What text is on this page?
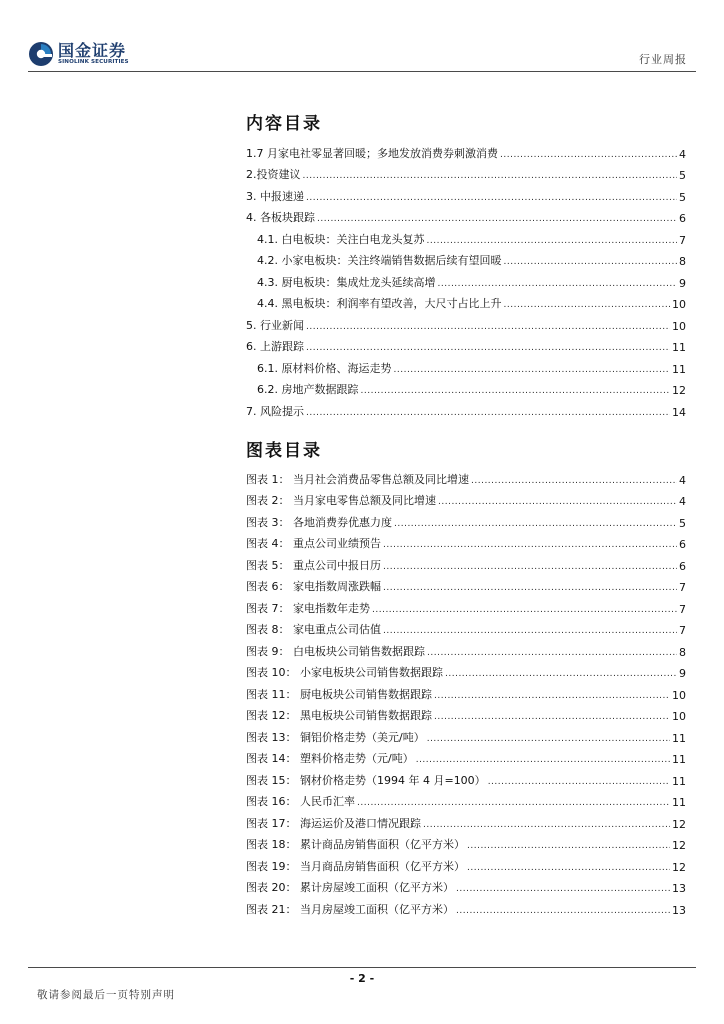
国金证券
SINOLINK SECURITIES	行业周报
内容目录
1.7 月家电社零显著回暖；多地发放消费券刺激消费 .....	4
2.投资建议 .....	5
3. 中报速递 .....	5
4. 各板块跟踪 .....	6
4.1. 白电板块：关注白电龙头复苏 .....	7
4.2. 小家电板块：关注终端销售数据后续有望回暖 .....	8
4.3. 厨电板块：集成灶龙头延续高增 .....	9
4.4. 黑电板块：利润率有望改善，大尺寸占比上升 .....	10
5. 行业新闻 .....	10
6. 上游跟踪 .....	11
6.1. 原材料价格、海运走势 .....	11
6.2. 房地产数据跟踪 .....	12
7. 风险提示 .....	14
图表目录
图表 1： 当月社会消费品零售总额及同比增速 .....	4
图表 2： 当月家电零售总额及同比增速 .....	4
图表 3： 各地消费券优惠力度 .....	5
图表 4： 重点公司业绩预告 .....	6
图表 5： 重点公司中报日历 .....	6
图表 6： 家电指数周涨跌幅 .....	7
图表 7： 家电指数年走势 .....	7
图表 8： 家电重点公司估值 .....	7
图表 9： 白电板块公司销售数据跟踪 .....	8
图表 10： 小家电板块公司销售数据跟踪 .....	9
图表 11： 厨电板块公司销售数据跟踪 .....	10
图表 12： 黑电板块公司销售数据跟踪 .....	10
图表 13： 铜铝价格走势（美元/吨） .....	11
图表 14： 塑料价格走势（元/吨） .....	11
图表 15： 钢材价格走势（1994 年 4 月=100） .....	11
图表 16： 人民币汇率 .....	11
图表 17： 海运运价及港口情况跟踪 .....	12
图表 18： 累计商品房销售面积（亿平方米） .....	12
图表 19： 当月商品房销售面积（亿平方米） .....	12
图表 20： 累计房屋竣工面积（亿平方米） .....	13
图表 21： 当月房屋竣工面积（亿平方米） .....	13
- 2 -
敬请参阅最后一页特别声明
